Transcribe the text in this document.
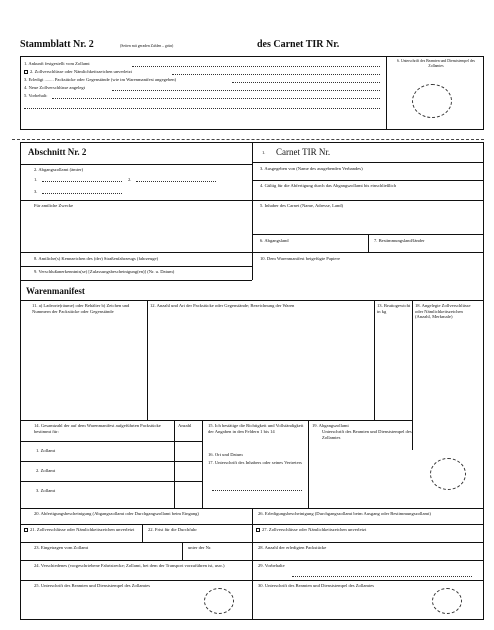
Stammblatt Nr. 2	(Seiten mit geraden Zahlen – grün)	des Carnet TIR Nr.
1. Ankunft festgestellt vom Zollamt
2. Zollverschlüsse oder Nämlichkeitszeichen unverletzt
3. Erledigt ........ Packstücke oder Gegenstände (wie im Warenmanifest angegeben)
4. Neue Zollverschlüsse angelegt
5. Vorbehalt:
6. Unterschrift des Beamten und Dienststempel des Zollamtes
Abschnitt Nr. 2	1. Carnet TIR Nr.
2. Abgangszollamt (ämter)
1.	2.
3.
Für amtliche Zwecke
3. Ausgegeben von (Name des ausgebenden Verbandes)
4. Gültig für die Abfertigung durch das Abgangszollamt bis einschließlich
5. Inhaber des Carnet (Name, Adresse, Land)
6. Abgangsland	7. Bestimmungsland/länder
8. Amtliche(s) Kennzeichen des (der) Straßenfahrzeugs (fahrzeuge)	10. Dem Warenmanifest beigefügte Papiere
9. Verschlußanerkenntnis(se) [Zulassungsbescheinigung(en)] (Nr. u. Datum)
Warenmanifest
11. a) Ladeorte(räume) oder Behälter b) Zeichen und Nummern der Packstücke oder Gegenstände
12. Anzahl und Art der Packstücke oder Gegenstände; Bezeichnung der Waren	13. Bruttogewicht in kg
18. Angelegte Zollverschlüsse oder Nämlichkeitszeichen (Anzahl, Merkmale)
14. Gesamtzahl der auf dem Warenmanifest aufgeführten Packstücke bestimmt für:
Anzahl
1. Zollamt
2. Zollamt
3. Zollamt
15. Ich bestätige die Richtigkeit und Vollständigkeit der Angaben in den Feldern 1 bis 14
16. Ort und Datum
17. Unterschrift des Inhabers oder seines Vertreters
19. Abgangszollamt
Unterschrift des Beamten und Dienststempel des Zollamtes
20. Abfertigungsbescheinigung (Abgangszollamt oder Durchgangszollamt beim Eingang)
21. Zollverschlüsse oder Nämlichkeitszeichen unverletzt	22. Frist für die Durchfuhr
23. Eingetragen vom Zollamt	unter der Nr.
24. Verschiedenes (vorgeschriebene Fahrtstrecke; Zollamt, bei dem der Transport vorzuführen ist, usw.)
25. Unterschrift des Beamten und Dienststempel des Zollamtes
26. Erledigungsbescheinigung (Durchgangszollamt beim Ausgang oder Bestimmungszollamt)
27. Zollverschlüsse oder Nämlichkeitszeichen unverletzt
28. Anzahl der erledigten Packstücke
29. Vorbehalte
30. Unterschrift des Beamten und Dienststempel des Zollamtes
